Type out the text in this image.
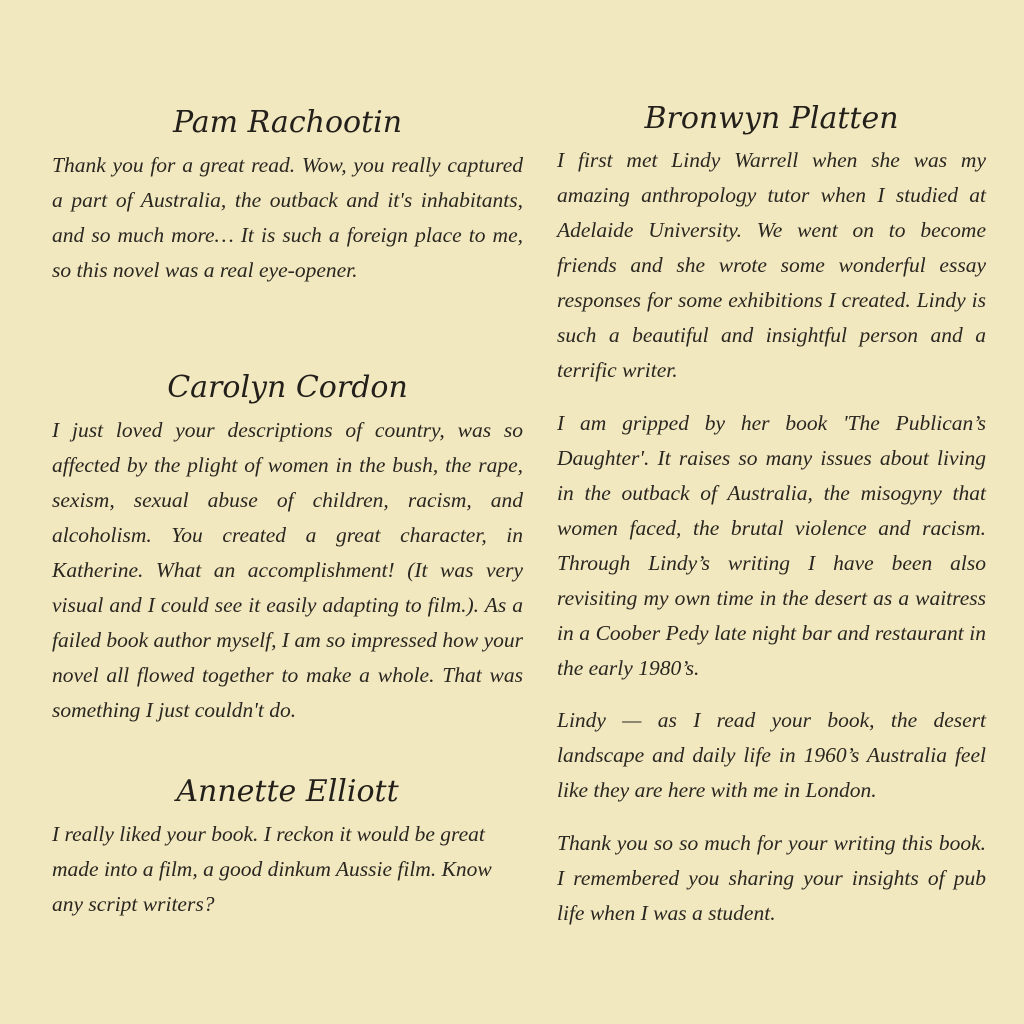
Pam Rachootin

Thank you for a great read. Wow, you really captured a part of Australia, the outback and it's inhabitants, and so much more… It is such a foreign place to me, so this novel was a real eye-opener.

Carolyn Cordon

I just loved your descriptions of country, was so affected by the plight of women in the bush, the rape, sexism, sexual abuse of children, racism, and alcoholism. You created a great character, in Katherine. What an accomplishment! (It was very visual and I could see it easily adapting to film.). As a failed book author myself, I am so impressed how your novel all flowed together to make a whole. That was something I just couldn't do.

Annette Elliott

I really liked your book. I reckon it would be great made into a film, a good dinkum Aussie film. Know any script writers?

Bronwyn Platten

I first met Lindy Warrell when she was my amazing anthropology tutor when I studied at Adelaide University. We went on to become friends and she wrote some wonderful essay responses for some exhibitions I created. Lindy is such a beautiful and insightful person and a terrific writer.

I am gripped by her book 'The Publican’s Daughter'. It raises so many issues about living in the outback of Australia, the misogyny that women faced, the brutal violence and racism. Through Lindy’s writing I have been also revisiting my own time in the desert as a waitress in a Coober Pedy late night bar and restaurant in the early 1980’s.

Lindy — as I read your book, the desert landscape and daily life in 1960’s Australia feel like they are here with me in London.

Thank you so so much for your writing this book. I remembered you sharing your insights of pub life when I was a student.
